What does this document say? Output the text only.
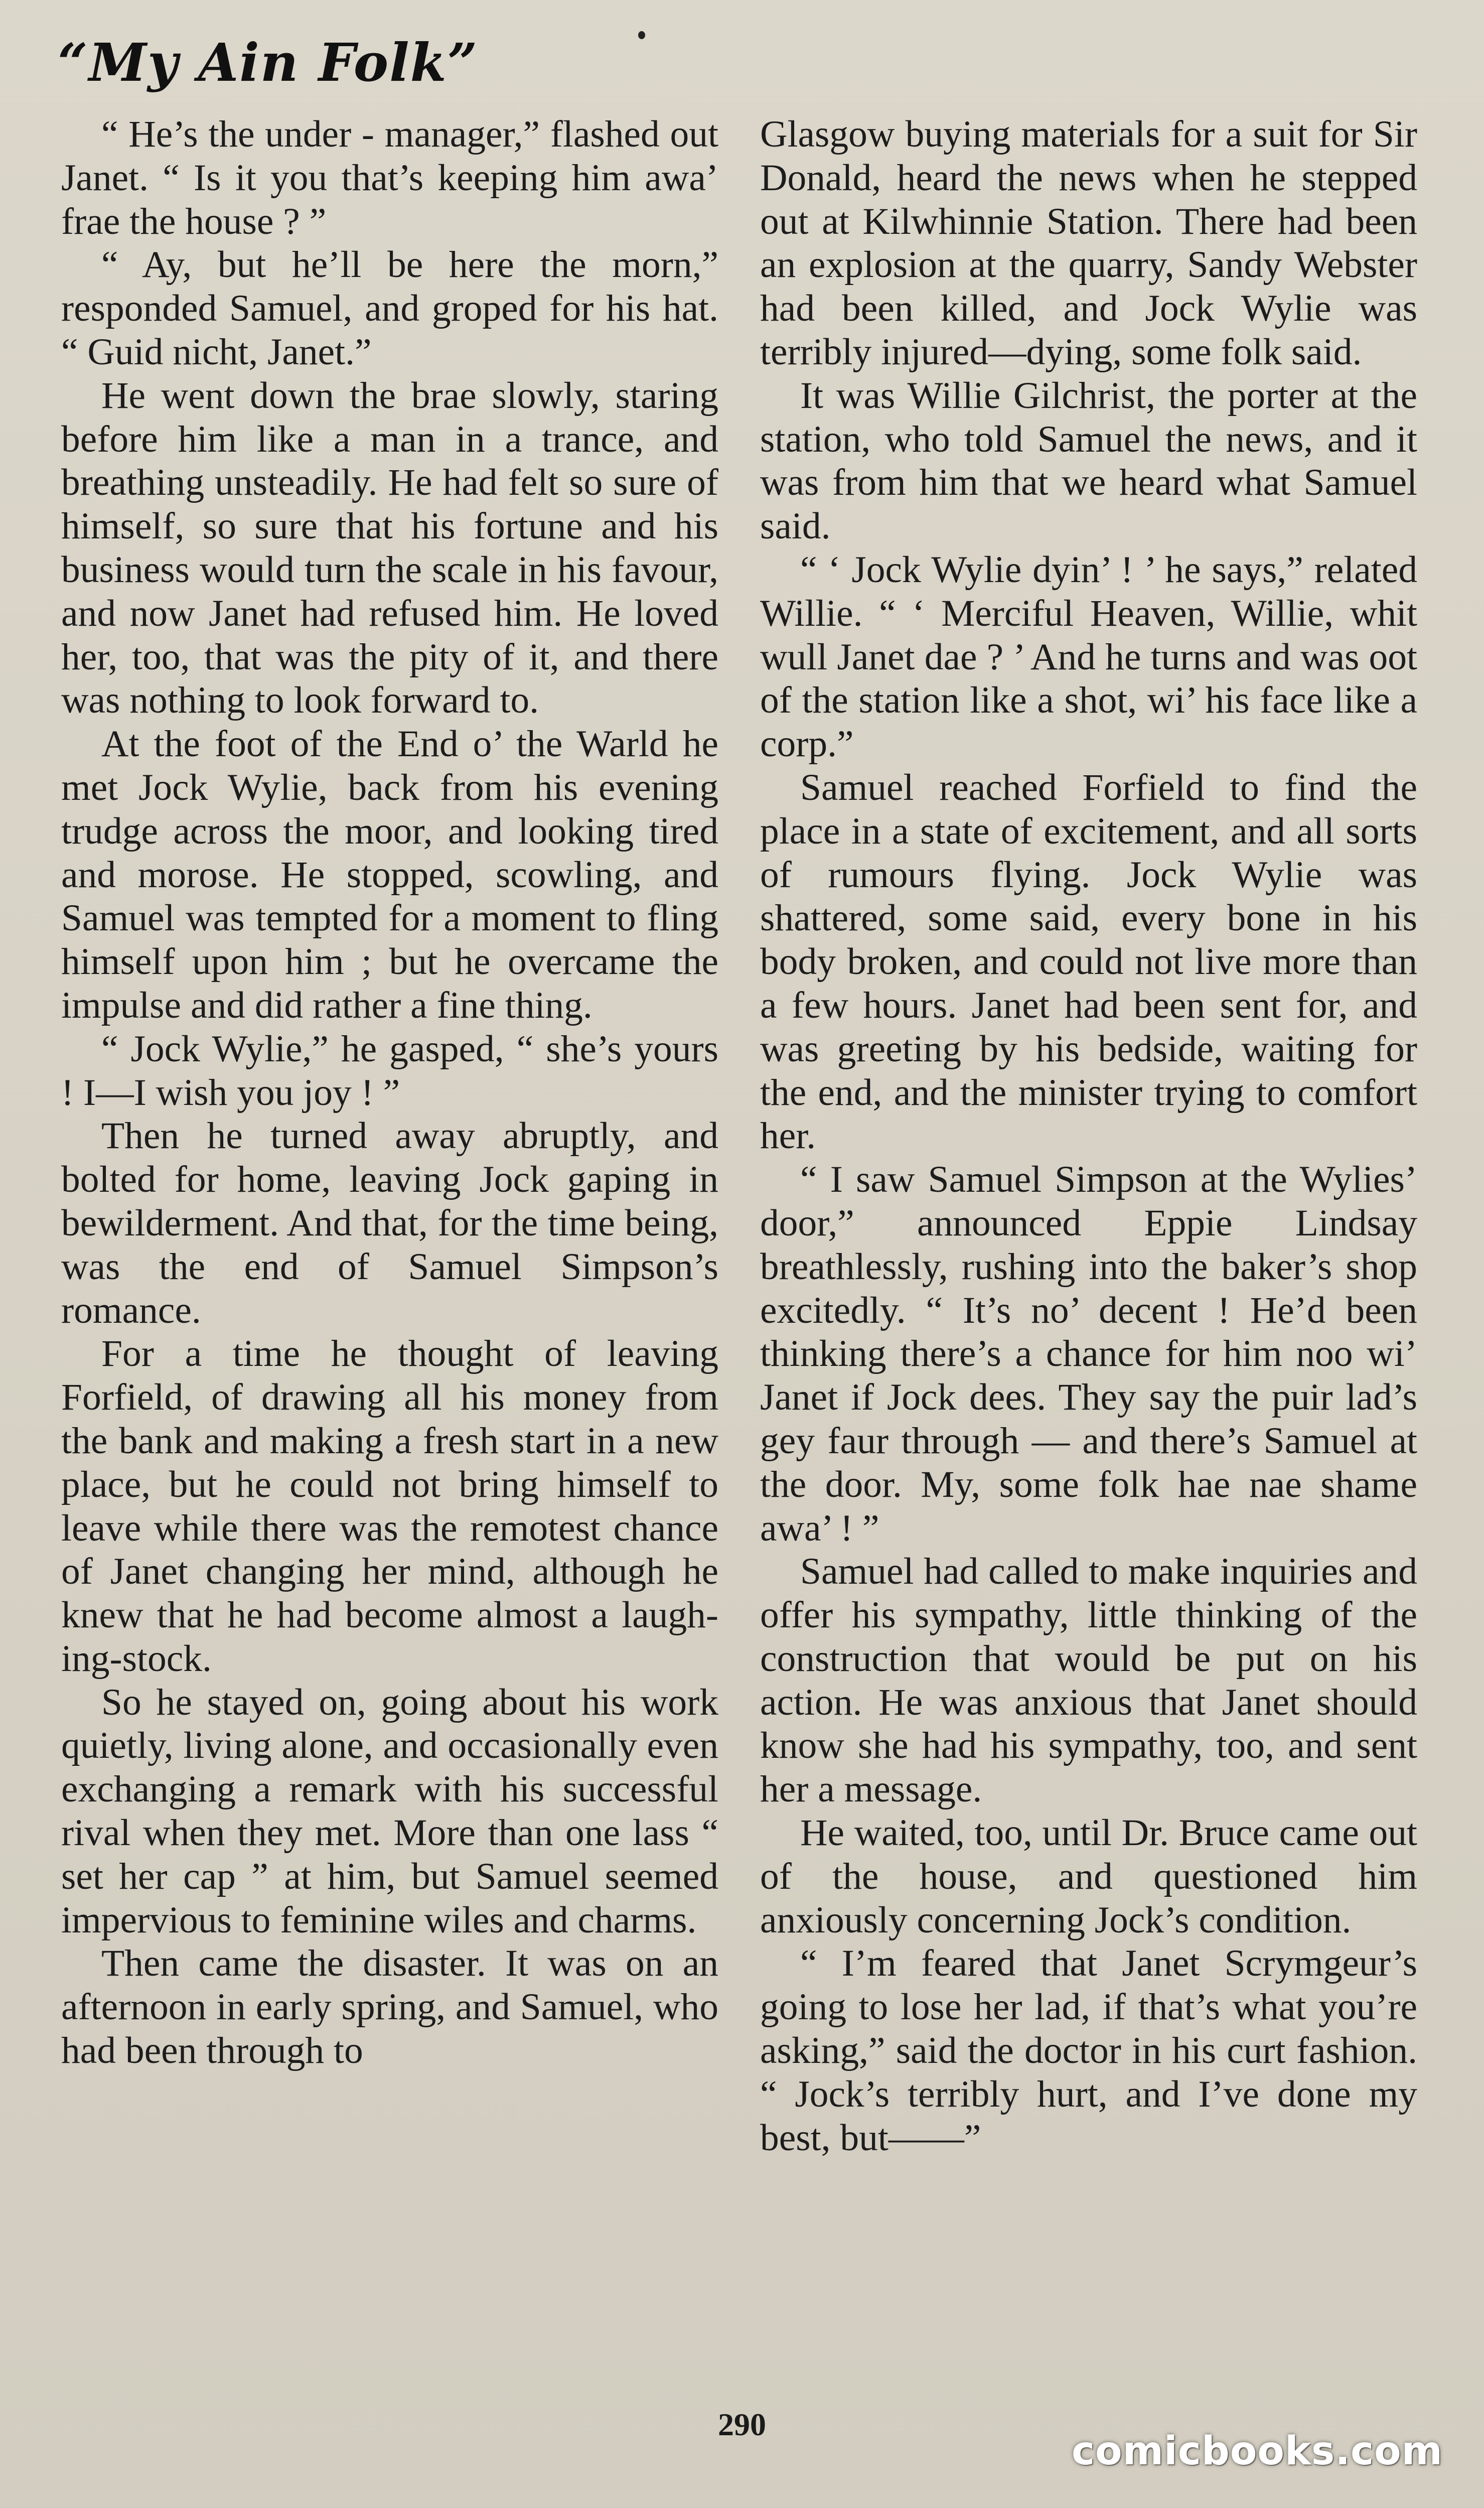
“My Ain Folk”

“ He’s the under - manager,” flashed out Janet. “ Is it you that’s keeping him awa’ frae the house ? ”

“ Ay, but he’ll be here the morn,” responded Samuel, and groped for his hat. “ Guid nicht, Janet.”

He went down the brae slowly, staring before him like a man in a trance, and breathing unsteadily. He had felt so sure of himself, so sure that his fortune and his business would turn the scale in his favour, and now Janet had refused him. He loved her, too, that was the pity of it, and there was nothing to look forward to.

At the foot of the End o’ the Warld he met Jock Wylie, back from his evening trudge across the moor, and looking tired and morose. He stopped, scowling, and Samuel was tempted for a moment to fling himself upon him ; but he overcame the impulse and did rather a fine thing.

“ Jock Wylie,” he gasped, “ she’s yours ! I—I wish you joy ! ”

Then he turned away abruptly, and bolted for home, leaving Jock gaping in bewilderment. And that, for the time being, was the end of Samuel Simpson’s romance.

For a time he thought of leaving Forfield, of drawing all his money from the bank and making a fresh start in a new place, but he could not bring himself to leave while there was the remotest chance of Janet changing her mind, although he knew that he had become almost a laughing-stock.

So he stayed on, going about his work quietly, living alone, and occasionally even exchanging a remark with his successful rival when they met. More than one lass “ set her cap ” at him, but Samuel seemed impervious to feminine wiles and charms.

Then came the disaster. It was on an afternoon in early spring, and Samuel, who had been through to

Glasgow buying materials for a suit for Sir Donald, heard the news when he stepped out at Kilwhinnie Station. There had been an explosion at the quarry, Sandy Webster had been killed, and Jock Wylie was terribly injured—dying, some folk said.

It was Willie Gilchrist, the porter at the station, who told Samuel the news, and it was from him that we heard what Samuel said.

“ ‘ Jock Wylie dyin’ ! ’ he says,” related Willie. “ ‘ Merciful Heaven, Willie, whit wull Janet dae ? ’ And he turns and was oot of the station like a shot, wi’ his face like a corp.”

Samuel reached Forfield to find the place in a state of excitement, and all sorts of rumours flying. Jock Wylie was shattered, some said, every bone in his body broken, and could not live more than a few hours. Janet had been sent for, and was greeting by his bedside, waiting for the end, and the minister trying to comfort her.

“ I saw Samuel Simpson at the Wylies’ door,” announced Eppie Lindsay breathlessly, rushing into the baker’s shop excitedly. “ It’s no’ decent ! He’d been thinking there’s a chance for him noo wi’ Janet if Jock dees. They say the puir lad’s gey faur through — and there’s Samuel at the door. My, some folk hae nae shame awa’ ! ”

Samuel had called to make inquiries and offer his sympathy, little thinking of the construction that would be put on his action. He was anxious that Janet should know she had his sympathy, too, and sent her a message.

He waited, too, until Dr. Bruce came out of the house, and questioned him anxiously concerning Jock’s condition.

“ I’m feared that Janet Scrymgeur’s going to lose her lad, if that’s what you’re asking,” said the doctor in his curt fashion. “ Jock’s terribly hurt, and I’ve done my best, but——”

290
comicbooks.com
